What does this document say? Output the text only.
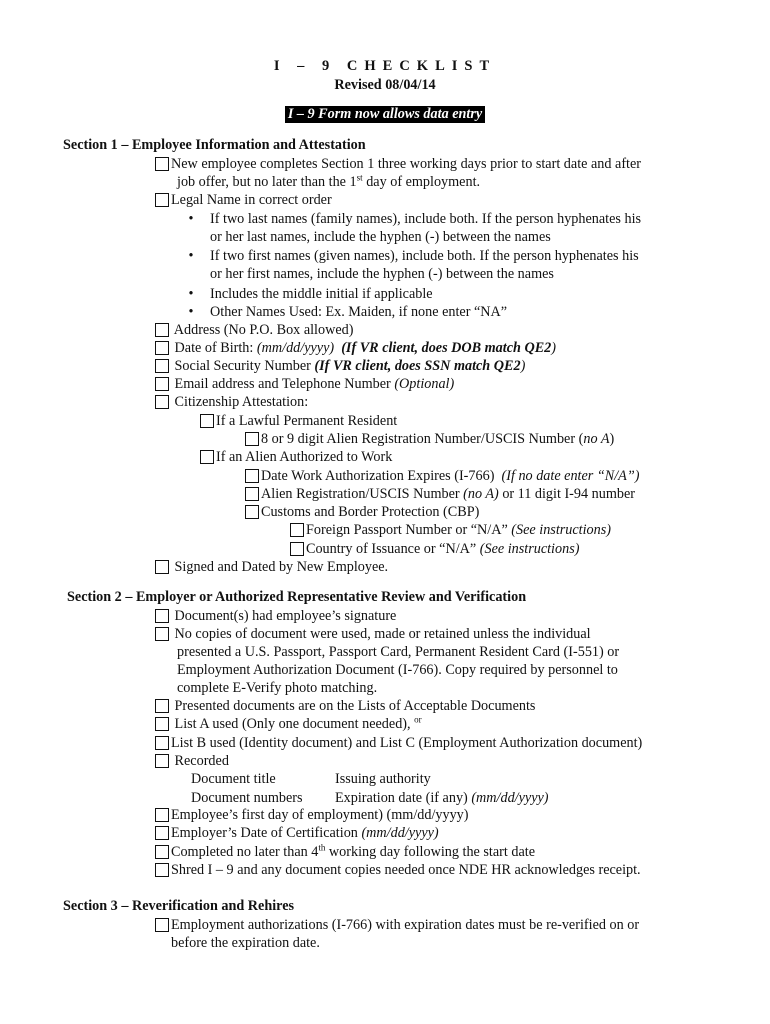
I – 9 CHECKLIST
Revised 08/04/14
I – 9 Form now allows data entry
Section 1 – Employee Information and Attestation
New employee completes Section 1 three working days prior to start date and after
job offer, but no later than the 1st day of employment.
Legal Name in correct order
• If two last names (family names), include both. If the person hyphenates his
or her last names, include the hyphen (-) between the names
• If two first names (given names), include both. If the person hyphenates his
or her first names, include the hyphen (-) between the names
• Includes the middle initial if applicable
• Other Names Used: Ex. Maiden, if none enter “NA”
Address (No P.O. Box allowed)
Date of Birth: (mm/dd/yyyy) (If VR client, does DOB match QE2)
Social Security Number (If VR client, does SSN match QE2)
Email address and Telephone Number (Optional)
Citizenship Attestation:
If a Lawful Permanent Resident
8 or 9 digit Alien Registration Number/USCIS Number (no A)
If an Alien Authorized to Work
Date Work Authorization Expires (I-766)  (If no date enter “N/A”)
Alien Registration/USCIS Number (no A) or 11 digit I-94 number
Customs and Border Protection (CBP)
Foreign Passport Number or “N/A” (See instructions)
Country of Issuance or “N/A” (See instructions)
Signed and Dated by New Employee.
Section 2 – Employer or Authorized Representative Review and Verification
Document(s) had employee’s signature
No copies of document were used, made or retained unless the individual
presented a U.S. Passport, Passport Card, Permanent Resident Card (I-551) or
Employment Authorization Document (I-766). Copy required by personnel to
complete E-Verify photo matching.
Presented documents are on the Lists of Acceptable Documents
List A used (Only one document needed), $^{or}$
List B used (Identity document) and List C (Employment Authorization document)
Recorded
Document title	Issuing authority
Document numbers Expiration date (if any) (mm/dd/yyyy)
Employee’s first day of employment) (mm/dd/yyyy)
Employer’s Date of Certification (mm/dd/yyyy)
Completed no later than 4th working day following the start date
Shred I – 9 and any document copies needed once NDE HR acknowledges receipt.
Section 3 – Reverification and Rehires
Employment authorizations (I-766) with expiration dates must be re-verified on or
before the expiration date.
